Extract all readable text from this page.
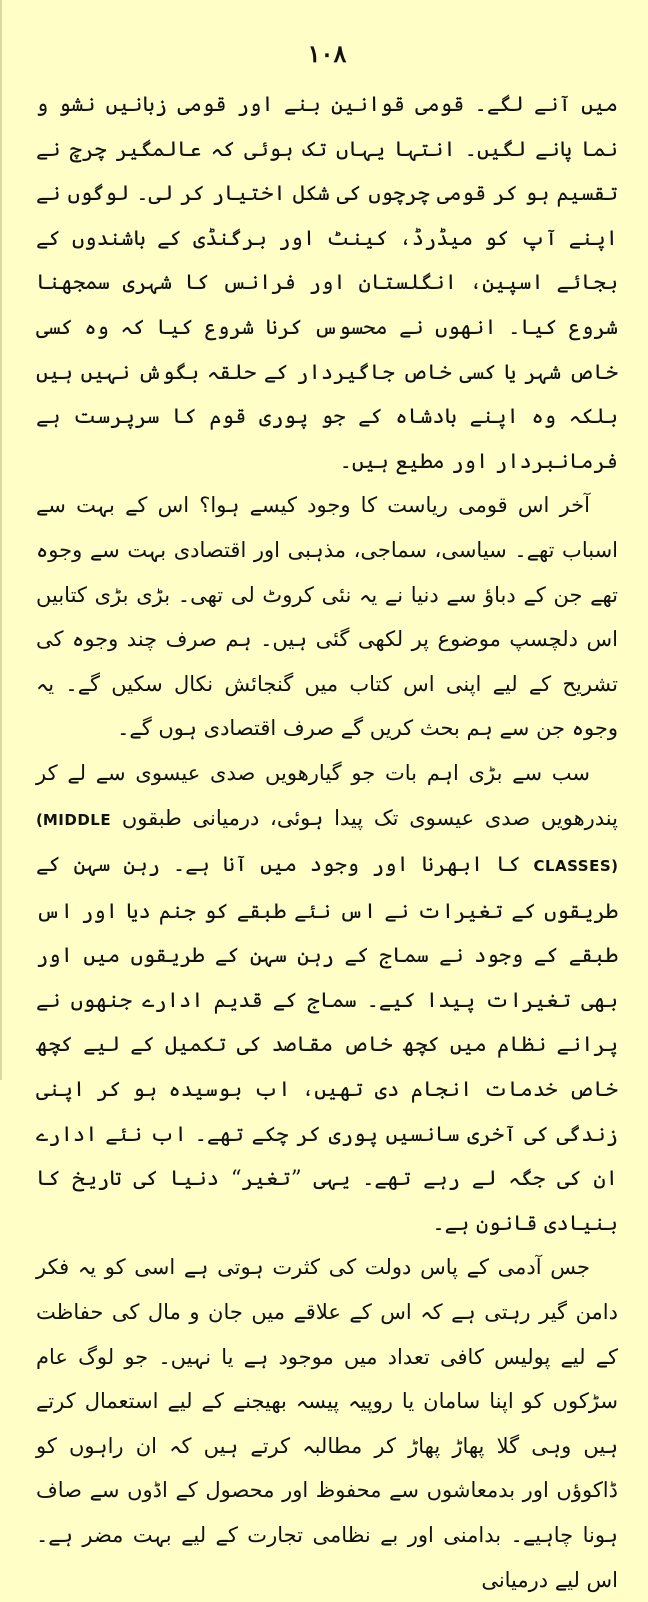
۱۰۸

میں آنے لگے۔ قومی قوانین بنے اور قومی زبانیں نشو و نما پانے لگیں۔ انتہا یہاں تک ہوئی کہ عالمگیر چرچ نے تقسیم ہو کر قومی چرچوں کی شکل اختیار کر لی۔ لوگوں نے اپنے آپ کو میڈرڈ، کینٹ اور برگنڈی کے باشندوں کے بجائے اسپین، انگلستان اور فرانس کا شہری سمجھنا شروع کیا۔ انھوں نے محسوس کرنا شروع کیا کہ وہ کسی خاص شہر یا کسی خاص جاگیردار کے حلقہ بگوش نہیں ہیں بلکہ وہ اپنے بادشاہ کے جو پوری قوم کا سرپرست ہے فرمانبردار اور مطیع ہیں۔

آخر اس قومی ریاست کا وجود کیسے ہوا؟ اس کے بہت سے اسباب تھے۔ سیاسی، سماجی، مذہبی اور اقتصادی بہت سے وجوہ تھے جن کے دباؤ سے دنیا نے یہ نئی کروٹ لی تھی۔ بڑی بڑی کتابیں اس دلچسپ موضوع پر لکھی گئی ہیں۔ ہم صرف چند وجوہ کی تشریح کے لیے اپنی اس کتاب میں گنجائش نکال سکیں گے۔ یہ وجوہ جن سے ہم بحث کریں گے صرف اقتصادی ہوں گے۔

سب سے بڑی اہم بات جو گیارھویں صدی عیسوی سے لے کر پندرھویں صدی عیسوی تک پیدا ہوئی، درمیانی طبقوں (MIDDLE CLASSES) کا ابھرنا اور وجود میں آنا ہے۔ رہن سہن کے طریقوں کے تغیرات نے اس نئے طبقے کو جنم دیا اور اس طبقے کے وجود نے سماج کے رہن سہن کے طریقوں میں اور بھی تغیرات پیدا کیے۔ سماج کے قدیم ادارے جنھوں نے پرانے نظام میں کچھ خاص مقاصد کی تکمیل کے لیے کچھ خاص خدمات انجام دی تھیں، اب بوسیدہ ہو کر اپنی زندگی کی آخری سانسیں پوری کر چکے تھے۔ اب نئے ادارے ان کی جگہ لے رہے تھے۔ یہی ”تغیر“ دنیا کی تاریخ کا بنیادی قانون ہے۔

جس آدمی کے پاس دولت کی کثرت ہوتی ہے اسی کو یہ فکر دامن گیر رہتی ہے کہ اس کے علاقے میں جان و مال کی حفاظت کے لیے پولیس کافی تعداد میں موجود ہے یا نہیں۔ جو لوگ عام سڑکوں کو اپنا سامان یا روپیہ پیسہ بھیجنے کے لیے استعمال کرتے ہیں وہی گلا پھاڑ پھاڑ کر مطالبہ کرتے ہیں کہ ان راہوں کو ڈاکوؤں اور بدمعاشوں سے محفوظ اور محصول کے اڈوں سے صاف ہونا چاہیے۔ بدامنی اور بے نظامی تجارت کے لیے بہت مضر ہے۔ اس لیے درمیانی
